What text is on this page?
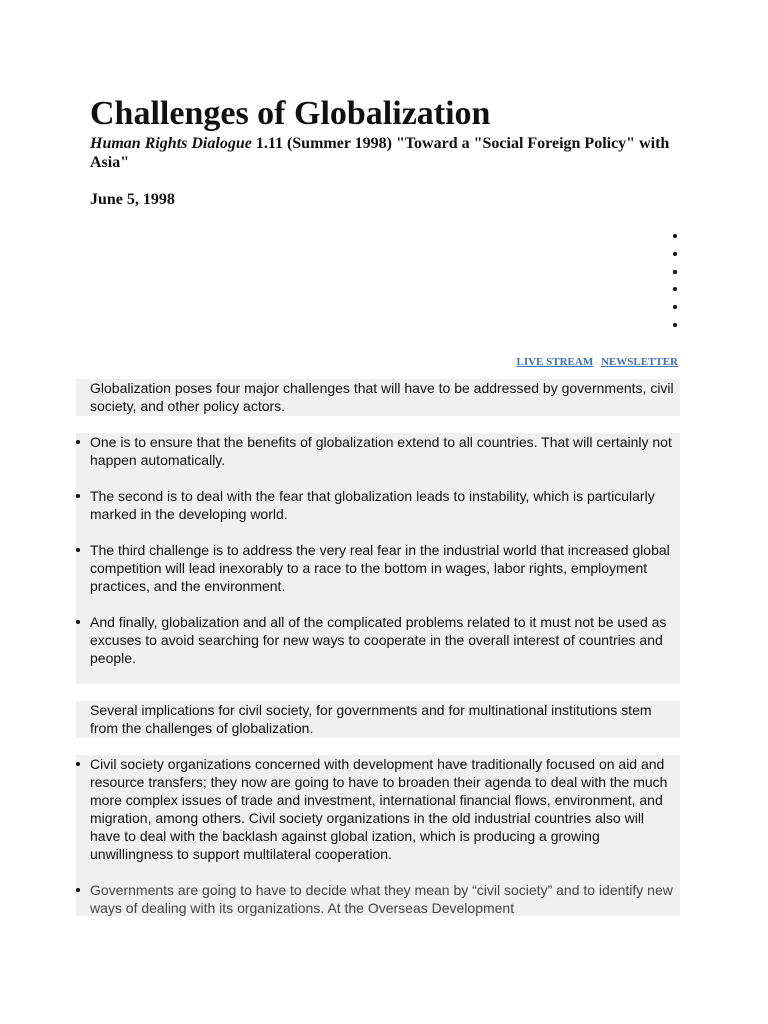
Challenges of Globalization

Human Rights Dialogue 1.11 (Summer 1998) "Toward a "Social Foreign Policy" with Asia"

June 5, 1998

LIVE STREAM NEWSLETTER

Globalization poses four major challenges that will have to be addressed by governments, civil society, and other policy actors.

One is to ensure that the benefits of globalization extend to all countries. That will certainly not happen automatically.
The second is to deal with the fear that globalization leads to instability, which is particularly marked in the developing world.
The third challenge is to address the very real fear in the industrial world that increased global competition will lead inexorably to a race to the bottom in wages, labor rights, employment practices, and the environment.
And finally, globalization and all of the complicated problems related to it must not be used as excuses to avoid searching for new ways to cooperate in the overall interest of countries and people.

Several implications for civil society, for governments and for multinational institutions stem from the challenges of globalization.

Civil society organizations concerned with development have traditionally focused on aid and resource transfers; they now are going to have to broaden their agenda to deal with the much more complex issues of trade and investment, international financial flows, environment, and migration, among others. Civil society organizations in the old industrial countries also will have to deal with the backlash against global ization, which is producing a growing unwillingness to support multilateral cooperation.
Governments are going to have to decide what they mean by “civil society” and to identify new ways of dealing with its organizations. At the Overseas Development
